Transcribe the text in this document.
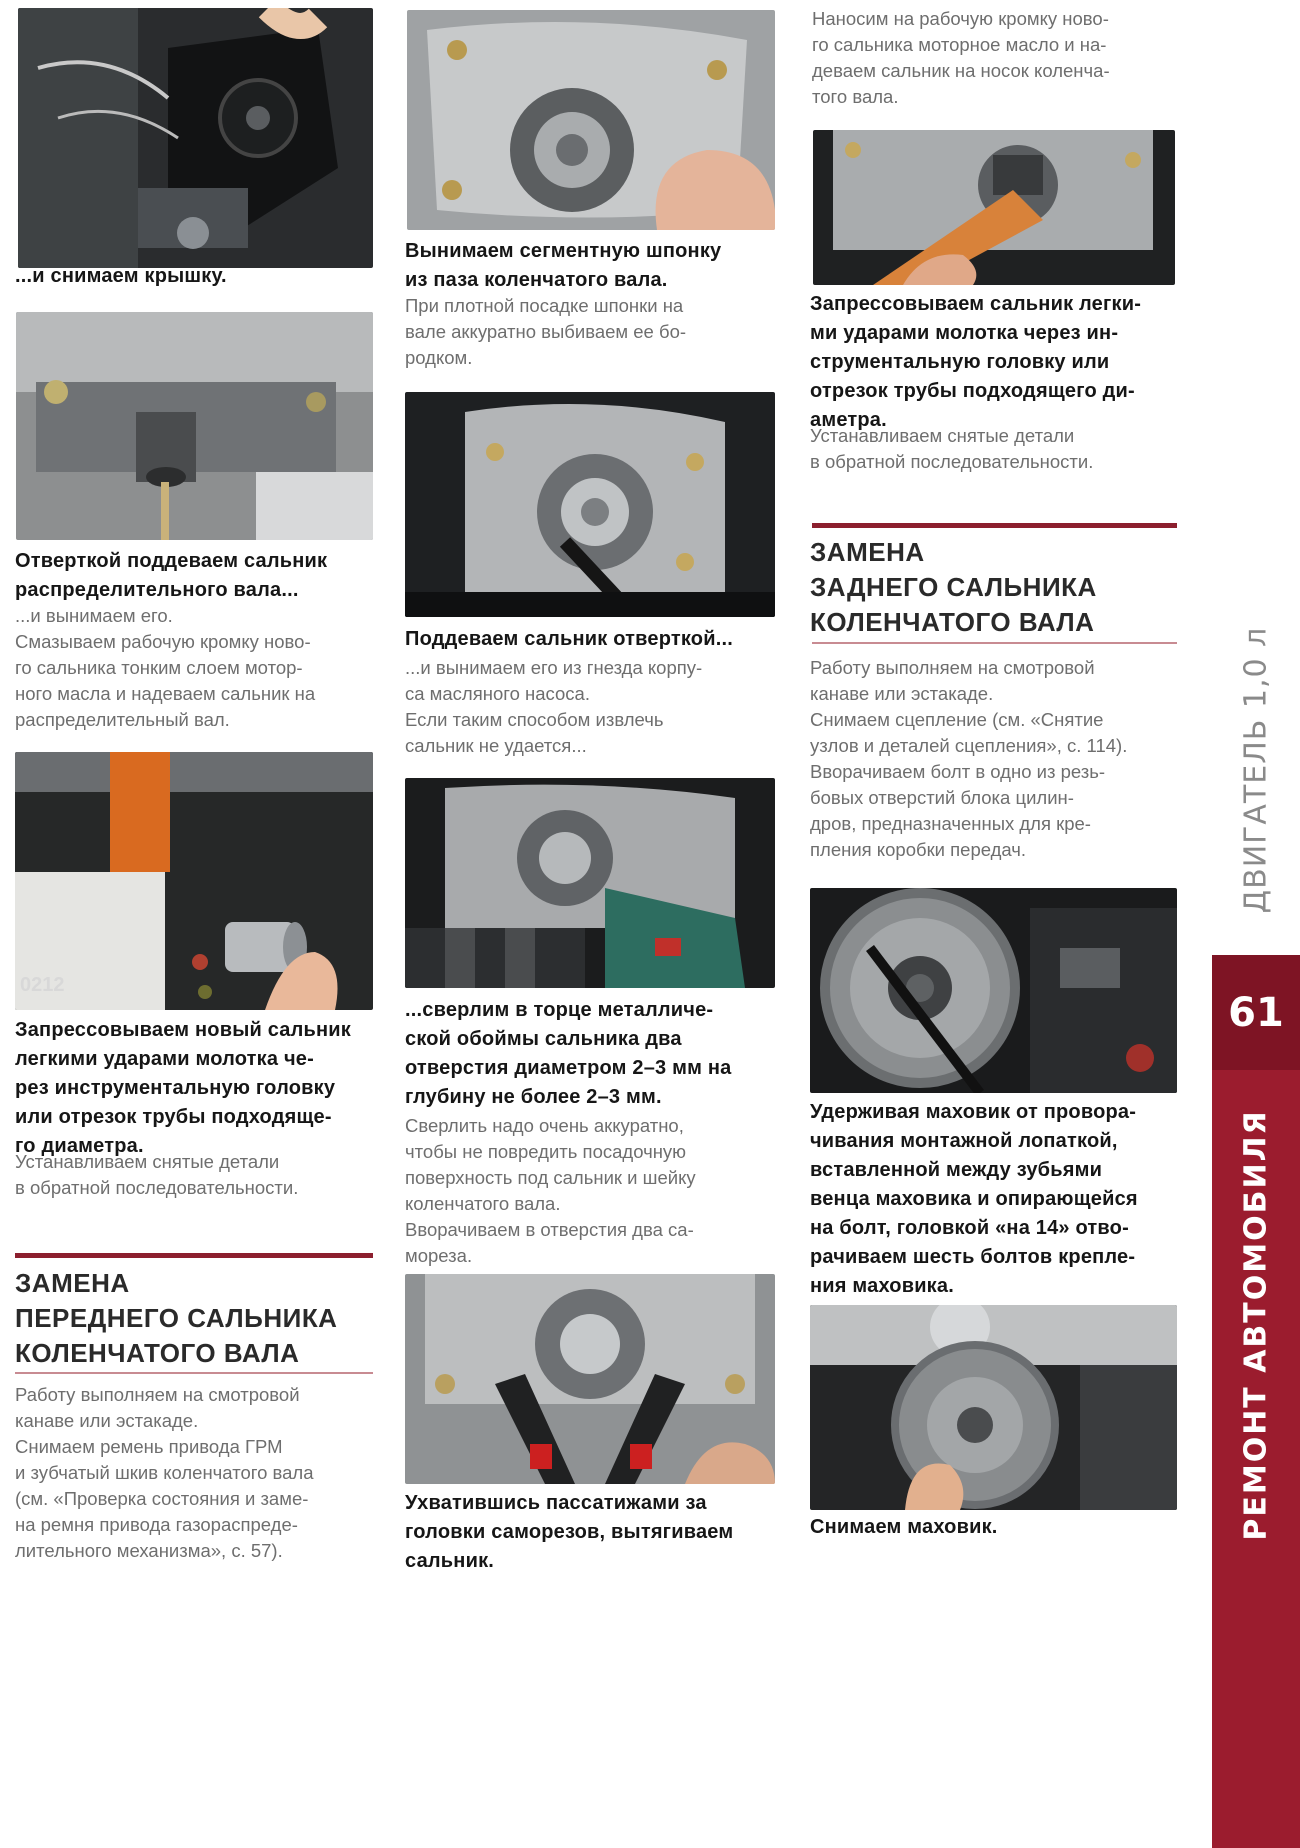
...и снимаем крышку.

Отверткой поддеваем сальник

распределительного вала...

...и вынимаем его.

Смазываем рабочую кромку ново-

го сальника тонким слоем мотор-

ного масла и надеваем сальник на

распределительный вал.

0212

Запрессовываем новый сальник

легкими ударами молотка че-

рез инструментальную головку

или отрезок трубы подходяще-

го диаметра.

Устанавливаем снятые детали

в обратной последовательности.

ЗАМЕНА

ПЕРЕДНЕГО САЛЬНИКА

КОЛЕНЧАТОГО ВАЛА

Работу выполняем на смотровой

канаве или эстакаде.

Снимаем ремень привода ГРМ

и зубчатый шкив коленчатого вала

(см. «Проверка состояния и заме-

на ремня привода газораспреде-

лительного механизма», с. 57).

Вынимаем сегментную шпонку

из паза коленчатого вала.

При плотной посадке шпонки на

вале аккуратно выбиваем ее бо-

родком.

Поддеваем сальник отверткой...

...и вынимаем его из гнезда корпу-

са масляного насоса.

Если таким способом извлечь

сальник не удается...

...сверлим в торце металличе-

ской обоймы сальника два

отверстия диаметром 2–3 мм на

глубину не более 2–3 мм.

Сверлить надо очень аккуратно,

чтобы не повредить посадочную

поверхность под сальник и шейку

коленчатого вала.

Вворачиваем в отверстия два са-

мореза.

Ухватившись пассатижами за

головки саморезов, вытягиваем

сальник.

Наносим на рабочую кромку ново-

го сальника моторное масло и на-

деваем сальник на носок коленча-

того вала.

Запрессовываем сальник легки-

ми ударами молотка через ин-

струментальную головку или

отрезок трубы подходящего ди-

аметра.

Устанавливаем снятые детали

в обратной последовательности.

ЗАМЕНА

ЗАДНЕГО САЛЬНИКА

КОЛЕНЧАТОГО ВАЛА

Работу выполняем на смотровой

канаве или эстакаде.

Снимаем сцепление (см. «Снятие

узлов и деталей сцепления», с. 114).

Вворачиваем болт в одно из резь-

бовых отверстий блока цилин-

дров, предназначенных для кре-

пления коробки передач.

Удерживая маховик от провора-

чивания монтажной лопаткой,

вставленной между зубьями

венца маховика и опирающейся

на болт, головкой «на 14» отво-

рачиваем шесть болтов крепле-

ния маховика.

Снимаем маховик.

ДВИГАТЕЛЬ 1,0 л
61
РЕМОНТ АВТОМОБИЛЯ
